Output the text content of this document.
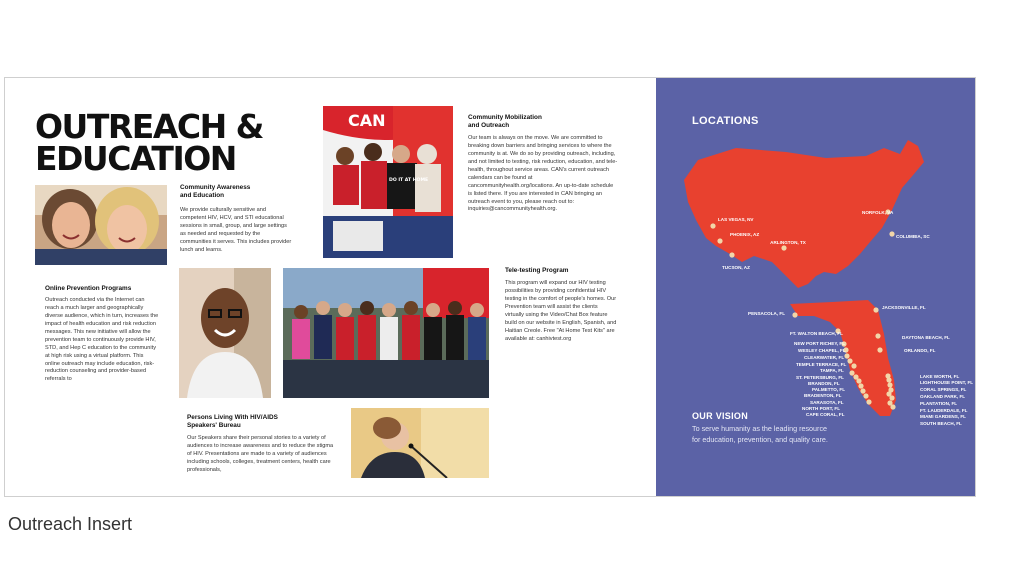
OUTREACH &
EDUCATION
Community Awareness and Education
We provide culturally sensitive and competent HIV, HCV, and STI educational sessions in small, group, and large settings as needed and requested by the communities it serves. This includes provider lunch and learns.
CAN
DO IT AT HOME
Community Mobilization and Outreach
Our team is always on the move. We are committed to breaking down barriers and bringing services to where the community is at. We do so by providing outreach, including, and not limited to testing, risk reduction, education, and tele-health, throughout service areas. CAN's current outreach calendars can be found at cancommunityhealth.org/locations. An up-to-date schedule is listed there. If you are interested in CAN bringing an outreach event to you, please reach out to: inquiries@cancommunityhealth.org.
Online Prevention Programs
Outreach conducted via the Internet can reach a much larger and geographically diverse audience, which in turn, increases the impact of health education and risk reduction messages. This new initiative will allow the prevention team to continuously provide HIV, STD, and Hep C education to the community at high risk using a virtual platform. This online outreach may include education, risk-reduction counseling and provider-based referrals to
Tele-testing Program
This program will expand our HIV testing possibilities by providing confidential HIV testing in the comfort of people's homes. Our Prevention team will assist the clients virtually using the Video/Chat Box feature build on our website in English, Spanish, and Haitian Creole. Free "At Home Test Kits" are available at: canhivtest.org
Persons Living With HIV/AIDS Speakers' Bureau
Our Speakers share their personal stories to a variety of audiences to increase awareness and to reduce the stigma of HIV. Presentations are made to a variety of audiences including schools, colleges, treatment centers, health care professionals,
LAS VEGAS, NV
PHOENIX, AZ
TUCSON, AZ
ARLINGTON, TX
NORFOLK, VA
COLUMBIA, SC
PENSACOLA, FL
JACKSONVILLE, FL
FT. WALTON BEACH, FL
DAYTONA BEACH, FL
NEW PORT RICHEY, FL
WESLEY CHAPEL, FL
CLEARWATER, FL
TEMPLE TERRACE, FL
TAMPA, FL
ST. PETERSBURG, FL
BRANDON, FL
PALMETTO, FL
BRADENTON, FL
SARASOTA, FL
NORTH PORT, FL
CAPE CORAL, FL
ORLANDO, FL
LAKE WORTH, FL
LIGHTHOUSE POINT, FL
CORAL SPRINGS, FL
OAKLAND PARK, FL
PLANTATION, FL
FT. LAUDERDALE, FL
MIAMI GARDENS, FL
SOUTH BEACH, FL
LOCATIONS
OUR VISION
To serve humanity as the leading resource for education, prevention, and quality care.
Outreach Insert
